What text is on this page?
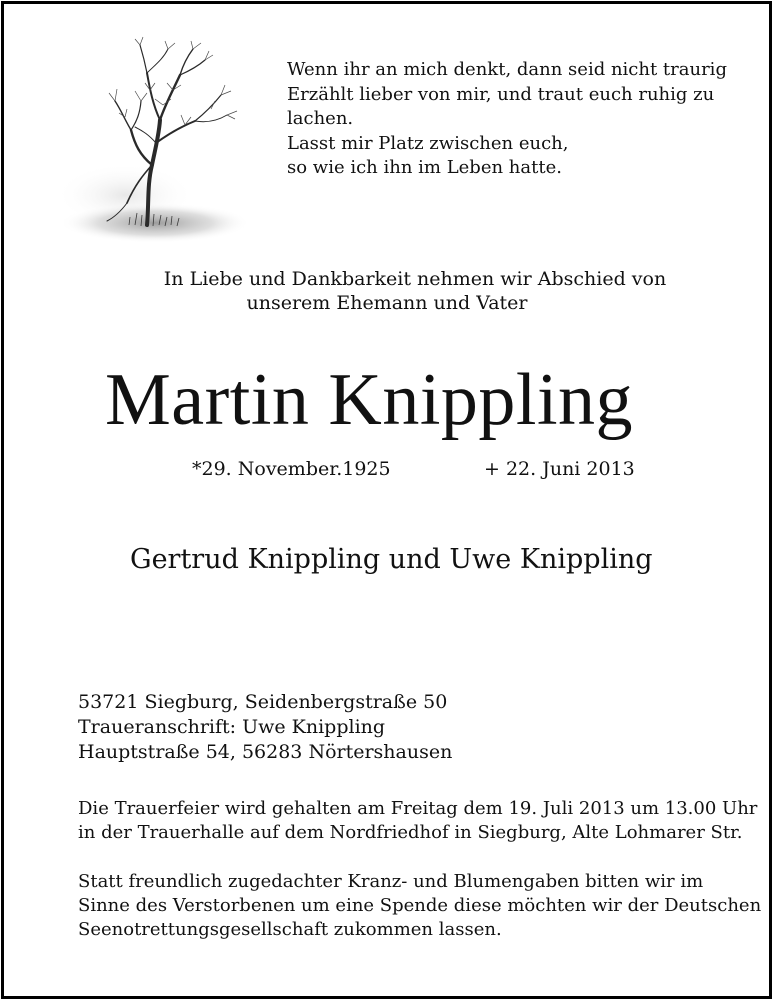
Wenn ihr an mich denkt, dann seid nicht traurig
Erzählt lieber von mir, und traut euch ruhig zu
lachen.
Lasst mir Platz zwischen euch,
so wie ich ihn im Leben hatte.
In Liebe und Dankbarkeit nehmen wir Abschied von
unserem Ehemann und Vater
Martin Knippling
*29. November.1925	+ 22. Juni 2013
Gertrud Knippling und Uwe Knippling
53721 Siegburg, Seidenbergstraße 50
Traueranschrift: Uwe Knippling
Hauptstraße 54, 56283 Nörtershausen
Die Trauerfeier wird gehalten am Freitag dem 19. Juli 2013 um 13.00 Uhr
in der Trauerhalle auf dem Nordfriedhof in Siegburg, Alte Lohmarer Str.
Statt freundlich zugedachter Kranz- und Blumengaben bitten wir im
Sinne des Verstorbenen um eine Spende diese möchten wir der Deutschen
Seenotrettungsgesellschaft zukommen lassen.
